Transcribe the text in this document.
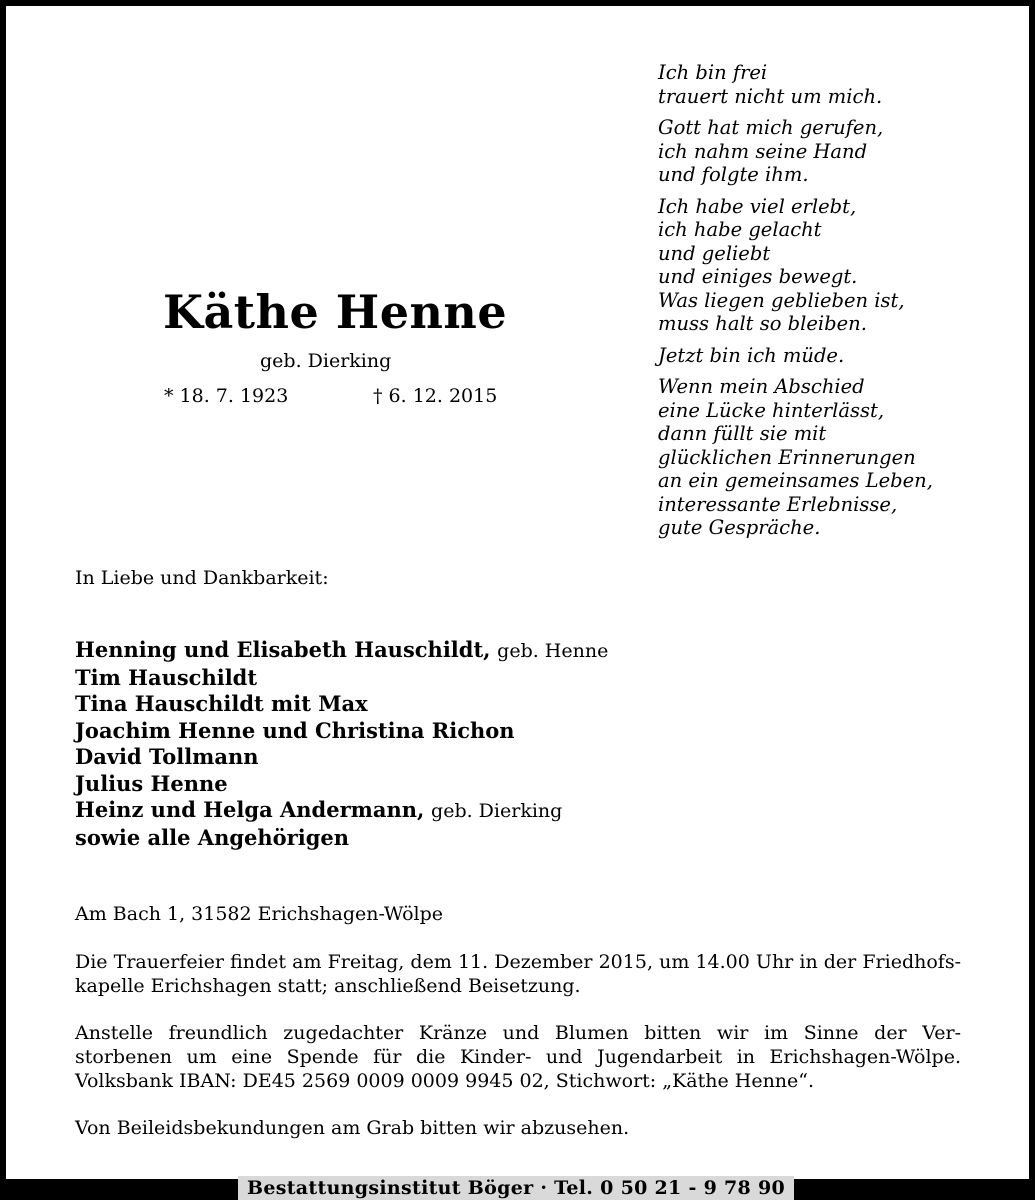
Käthe Henne
geb. Dierking
* 18. 7. 1923	† 6. 12. 2015
Ich bin frei
trauert nicht um mich.
Gott hat mich gerufen,
ich nahm seine Hand
und folgte ihm.
Ich habe viel erlebt,
ich habe gelacht
und geliebt
und einiges bewegt.
Was liegen geblieben ist,
muss halt so bleiben.
Jetzt bin ich müde.
Wenn mein Abschied
eine Lücke hinterlässt,
dann füllt sie mit
glücklichen Erinnerungen
an ein gemeinsames Leben,
interessante Erlebnisse,
gute Gespräche.
In Liebe und Dankbarkeit:
Henning und Elisabeth Hauschildt, geb. Henne
Tim Hauschildt
Tina Hauschildt mit Max
Joachim Henne und Christina Richon
David Tollmann
Julius Henne
Heinz und Helga Andermann, geb. Dierking
sowie alle Angehörigen
Am Bach 1, 31582 Erichshagen-Wölpe
Die Trauerfeier findet am Freitag, dem 11. Dezember 2015, um 14.00 Uhr in der Friedhofs-
kapelle Erichshagen statt; anschließend Beisetzung.
Anstelle freundlich zugedachter Kränze und Blumen bitten wir im Sinne der Ver-
storbenen um eine Spende für die Kinder- und Jugendarbeit in Erichshagen-Wölpe.
Volksbank IBAN: DE45 2569 0009 0009 9945 02, Stichwort: „Käthe Henne“.
Von Beileidsbekundungen am Grab bitten wir abzusehen.
Bestattungsinstitut Böger · Tel. 0 50 21 - 9 78 90
